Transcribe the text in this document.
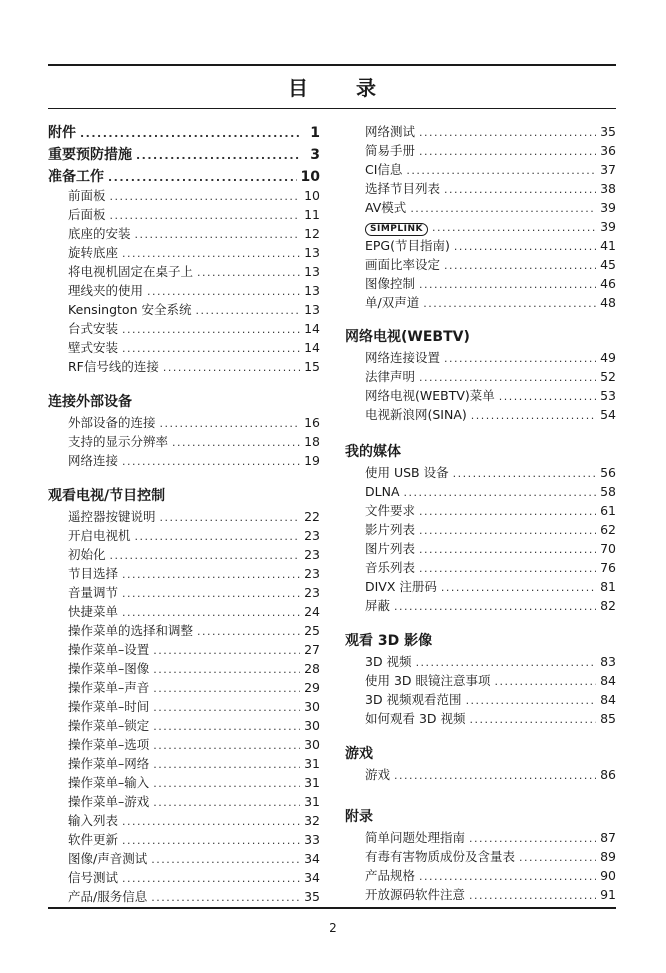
目 录
附件 .....	1
重要预防措施 .....	3
准备工作 .....	10
前面板 .....	10
后面板 .....	11
底座的安装 .....	12
旋转底座 .....	13
将电视机固定在桌子上 .....	13
理线夹的使用 .....	13
Kensington 安全系统 .....	13
台式安装 .....	14
壁式安装 .....	14
RF信号线的连接 .....	15
连接外部设备
外部设备的连接 .....	16
支持的显示分辨率 .....	18
网络连接 .....	19
观看电视/节目控制
遥控器按键说明 .....	22
开启电视机 .....	23
初始化 .....	23
节目选择 .....	23
音量调节 .....	23
快捷菜单 .....	24
操作菜单的选择和调整 .....	25
操作菜单–设置 .....	27
操作菜单–图像 .....	28
操作菜单–声音 .....	29
操作菜单–时间 .....	30
操作菜单–锁定 .....	30
操作菜单–选项 .....	30
操作菜单–网络 .....	31
操作菜单–输入 .....	31
操作菜单–游戏 .....	31
输入列表 .....	32
软件更新 .....	33
图像/声音测试 .....	34
信号测试 .....	34
产品/服务信息 .....	35
网络测试 .....	35
简易手册 .....	36
CI信息 .....	37
选择节目列表 .....	38
AV模式 .....	39
SIMPLINK .....	39
EPG(节目指南) .....	41
画面比率设定 .....	45
图像控制 .....	46
单/双声道 .....	48
网络电视(WEBTV)
网络连接设置 .....	49
法律声明 .....	52
网络电视(WEBTV)菜单 .....	53
电视新浪网(SINA) .....	54
我的媒体
使用 USB 设备 .....	56
DLNA .....	58
文件要求 .....	61
影片列表 .....	62
图片列表 .....	70
音乐列表 .....	76
DIVX 注册码 .....	81
屏蔽 .....	82
观看 3D 影像
3D 视频 .....	83
使用 3D 眼镜注意事项 .....	84
3D 视频观看范围 .....	84
如何观看 3D 视频 .....	85
游戏
游戏 .....	86
附录
简单问题处理指南 .....	87
有毒有害物质成份及含量表 .....	89
产品规格 .....	90
开放源码软件注意 .....	91
2
